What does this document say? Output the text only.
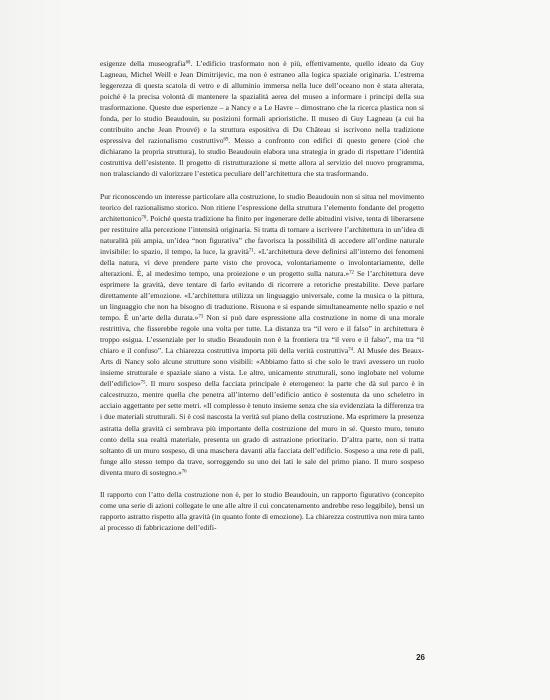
esigenze della museografia$^{68}$. L’edificio trasformato non è più, effettivamente, quello ideato da Guy Lagneau, Michel Weill e Jean Dimitrijevic, ma non è estraneo alla logica spaziale originaria. L’estrema leggerezza di questa scatola di vetro e di alluminio immersa nella luce dell’oceano non è stata alterata, poiché è la precisa volontà di mantenere la spazialità aerea del museo a informare i principi della sua trasformazione. Queste due esperienze – a Nancy e a Le Havre – dimostrano che la ricerca plastica non si fonda, per lo studio Beaudouin, su posizioni formali aprioristiche. Il museo di Guy Lagneau (a cui ha contribuito anche Jean Prouvé) e la struttura espositiva di Du Château si iscrivono nella tradizione espressiva del razionalismo costruttivo$^{69}$. Messo a confronto con edifici di questo genere (cioè che dichiarano la propria struttura), lo studio Beaudouin elabora una strategia in grado di rispettare l’identità costruttiva dell’esistente. Il progetto di ristrutturazione si mette allora al servizio del nuovo programma, non tralasciando di valorizzare l’estetica peculiare dell’architettura che sta trasformando.

Pur riconoscendo un interesse particolare alla costruzione, lo studio Beaudouin non si situa nel movimento teorico del razionalismo storico. Non ritiene l’espressione della struttura l’elemento fondante del progetto architettonico$^{70}$. Poiché questa tradizione ha finito per ingenerare delle abitudini visive, tenta di liberarsene per restituire alla percezione l’intensità originaria. Si tratta di tornare a iscrivere l’architettura in un’idea di naturalità più ampia, un’idea “non figurativa” che favorisca la possibilità di accedere all’ordine naturale invisibile: lo spazio, il tempo, la luce, la gravità$^{71}$. «L’architettura deve definirsi all’interno dei fenomeni della natura, vi deve prendere parte visto che provoca, volontariamente o involontariamente, delle alterazioni. È, al medesimo tempo, una proiezione e un progetto sulla natura.»$^{72}$ Se l’architettura deve esprimere la gravità, deve tentare di farlo evitando di ricorrere a retoriche prestabilite. Deve parlare direttamente all’emozione. «L’architettura utilizza un linguaggio universale, come la musica o la pittura, un linguaggio che non ha bisogno di traduzione. Risuona e si espande simultaneamente nello spazio e nel tempo. È un’arte della durata.»$^{73}$ Non si può dare espressione alla costruzione in nome di una morale restrittiva, che fisserebbe regole una volta per tutte. La distanza tra “il vero e il falso” in architettura è troppo esigua. L’essenziale per lo studio Beaudouin non è la frontiera tra “il vero e il falso”, ma tra “il chiaro e il confuso”. La chiarezza costruttiva importa più della verità costruttiva$^{74}$. Al Musée des Beaux-Arts di Nancy solo alcune strutture sono visibili: «Abbiamo fatto sì che solo le travi avessero un ruolo insieme strutturale e spaziale siano a vista. Le altre, unicamente strutturali, sono inglobate nel volume dell’edificio»$^{75}$. Il muro sospeso della facciata principale è eterogeneo: la parte che dà sul parco è in calcestruzzo, mentre quella che penetra all’interno dell’edificio antico è sostenuta da uno scheletro in acciaio aggettante per sette metri. «Il complesso è tenuto insieme senza che sia evidenziata la differenza tra i due materiali strutturali. Si è così nascosta la verità sul piano della costruzione. Ma esprimere la presenza astratta della gravità ci sembrava più importante della costruzione del muro in sé. Questo muro, tenuto conto della sua realtà materiale, presenta un grado di astrazione prioritario. D’altra parte, non si tratta soltanto di un muro sospeso, di una maschera davanti alla facciata dell’edificio. Sospeso a una rete di pali, funge allo stesso tempo da trave, sorreggendo su uno dei lati le sale del primo piano. Il muro sospeso diventa muro di sostegno.»$^{76}$

Il rapporto con l’atto della costruzione non è, per lo studio Beaudouin, un rapporto figurativo (concepito come una serie di azioni collegate le une alle altre il cui concatenamento andrebbe reso leggibile), bensì un rapporto astratto rispetto alla gravità (in quanto fonte di emozione). La chiarezza costruttiva non mira tanto al processo di fabbricazione dell’edifi-

26
